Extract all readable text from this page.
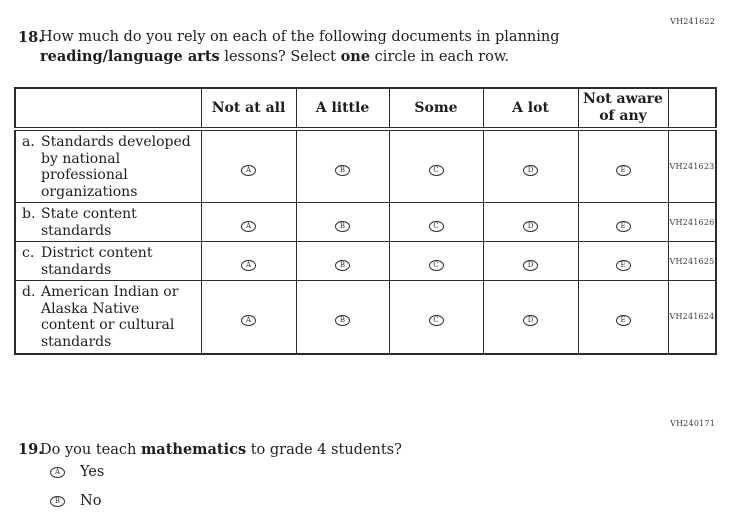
VH241622
18.
How much do you rely on each of the following documents in planning reading/language arts lessons? Select one circle in each row.
	Not at all	A little	Some	A lot	Not aware of any	

a. Standards developed by national professional organizations	A	B	C	D	E	VH241623

b. State content standards	A	B	C	D	E	VH241626

c. District content standards	A	B	C	D	E	VH241625

d. American Indian or Alaska Native content or cultural standards	A	B	C	D	E	VH241624
VH240171
19.
Do you teach mathematics to grade 4 students?
A	Yes
B	No
